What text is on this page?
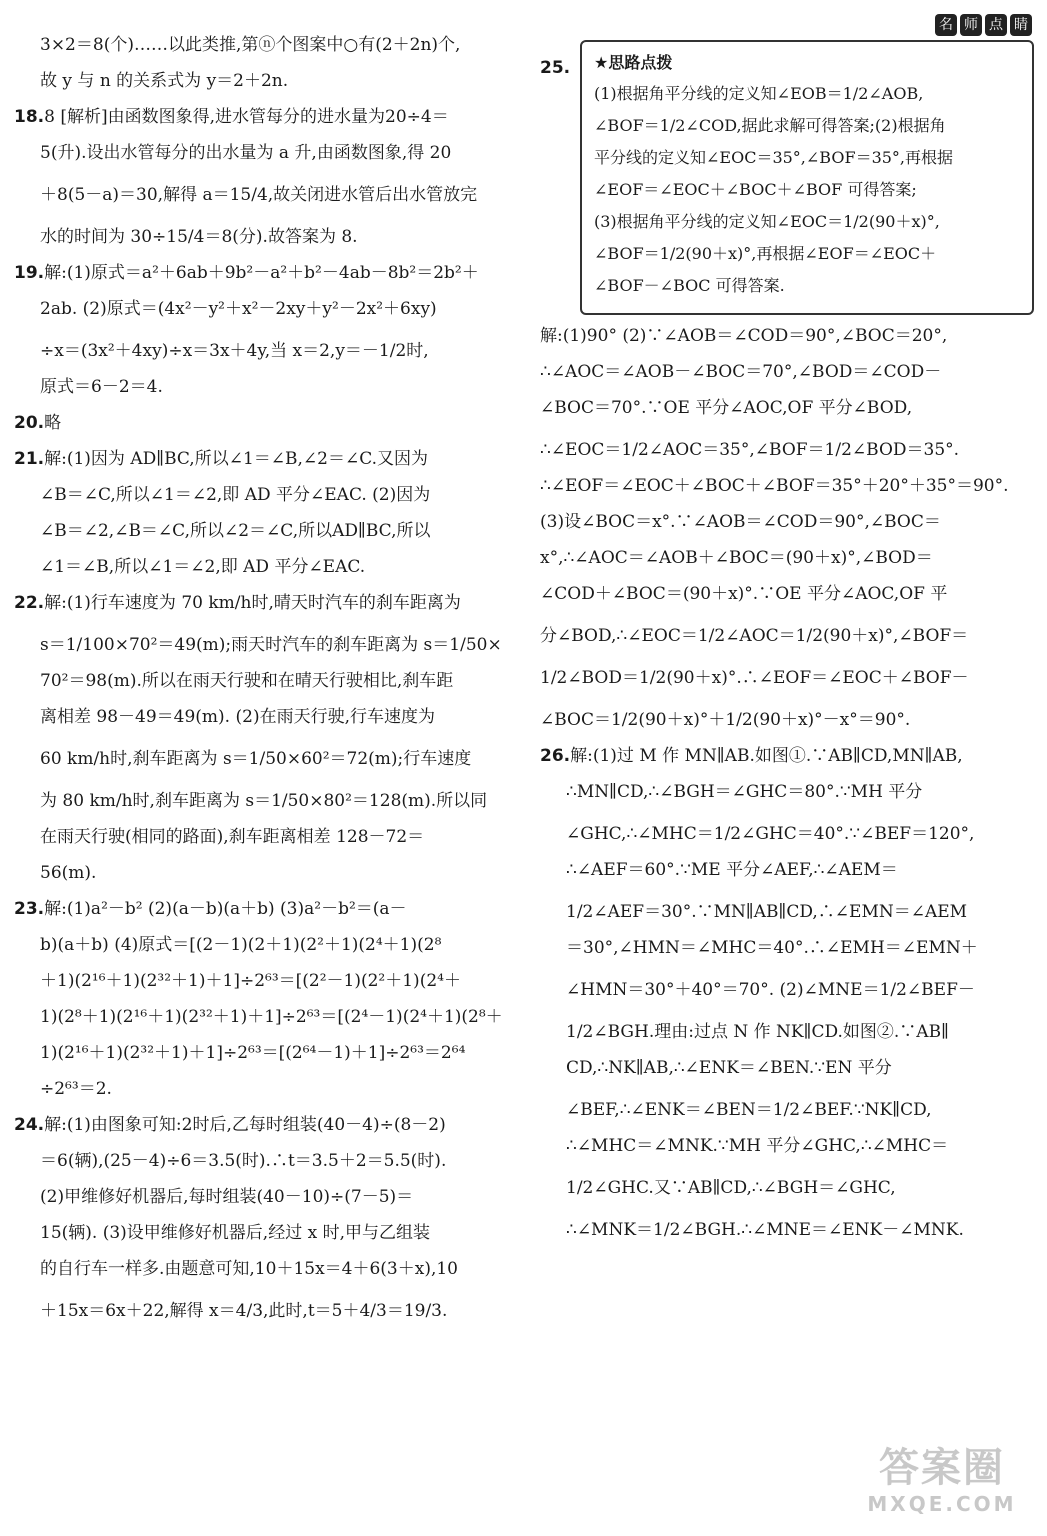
3×2＝8(个)……以此类推,第ⓝ个图案中○有(2＋2n)个,
故 y 与 n 的关系式为 y＝2＋2n.
18.8 [解析]由函数图象得,进水管每分的进水量为20÷4＝
5(升).设出水管每分的出水量为 a 升,由函数图象,得 20
＋8(5－a)＝30,解得 a＝15/4,故关闭进水管后出水管放完
水的时间为 30÷15/4＝8(分).故答案为 8.
19.解:(1)原式＝a²＋6ab＋9b²－a²＋b²－4ab－8b²＝2b²＋
2ab. (2)原式＝(4x²－y²＋x²－2xy＋y²－2x²＋6xy)
÷x＝(3x²＋4xy)÷x＝3x＋4y,当 x＝2,y＝－1/2时,
原式＝6－2＝4.
20.略
21.解:(1)因为 AD∥BC,所以∠1＝∠B,∠2＝∠C.又因为
∠B＝∠C,所以∠1＝∠2,即 AD 平分∠EAC. (2)因为
∠B＝∠2,∠B＝∠C,所以∠2＝∠C,所以AD∥BC,所以
∠1＝∠B,所以∠1＝∠2,即 AD 平分∠EAC.
22.解:(1)行车速度为 70 km/h时,晴天时汽车的刹车距离为
s＝1/100×70²＝49(m);雨天时汽车的刹车距离为 s＝1/50×
70²＝98(m).所以在雨天行驶和在晴天行驶相比,刹车距
离相差 98－49＝49(m). (2)在雨天行驶,行车速度为
60 km/h时,刹车距离为 s＝1/50×60²＝72(m);行车速度
为 80 km/h时,刹车距离为 s＝1/50×80²＝128(m).所以同
在雨天行驶(相同的路面),刹车距离相差 128－72＝
56(m).
23.解:(1)a²－b² (2)(a－b)(a＋b) (3)a²－b²＝(a－
b)(a＋b) (4)原式＝[(2－1)(2＋1)(2²＋1)(2⁴＋1)(2⁸
＋1)(2¹⁶＋1)(2³²＋1)＋1]÷2⁶³＝[(2²－1)(2²＋1)(2⁴＋
1)(2⁸＋1)(2¹⁶＋1)(2³²＋1)＋1]÷2⁶³＝[(2⁴－1)(2⁴＋1)(2⁸＋
1)(2¹⁶＋1)(2³²＋1)＋1]÷2⁶³＝[(2⁶⁴－1)＋1]÷2⁶³＝2⁶⁴
÷2⁶³＝2.
24.解:(1)由图象可知:2时后,乙每时组装(40－4)÷(8－2)
＝6(辆),(25－4)÷6＝3.5(时).∴t＝3.5＋2＝5.5(时).
(2)甲维修好机器后,每时组装(40－10)÷(7－5)＝
15(辆). (3)设甲维修好机器后,经过 x 时,甲与乙组装
的自行车一样多.由题意可知,10＋15x＝4＋6(3＋x),10
＋15x＝6x＋22,解得 x＝4/3,此时,t＝5＋4/3＝19/3.
25.
名 师 点 睛
★思路点拨
(1)根据角平分线的定义知∠EOB＝1/2∠AOB,
∠BOF＝1/2∠COD,据此求解可得答案;(2)根据角
平分线的定义知∠EOC＝35°,∠BOF＝35°,再根据
∠EOF＝∠EOC＋∠BOC＋∠BOF 可得答案;
(3)根据角平分线的定义知∠EOC＝1/2(90＋x)°,
∠BOF＝1/2(90＋x)°,再根据∠EOF＝∠EOC＋
∠BOF－∠BOC 可得答案.
解:(1)90° (2)∵∠AOB＝∠COD＝90°,∠BOC＝20°,
∴∠AOC＝∠AOB－∠BOC＝70°,∠BOD＝∠COD－
∠BOC＝70°.∵OE 平分∠AOC,OF 平分∠BOD,
∴∠EOC＝1/2∠AOC＝35°,∠BOF＝1/2∠BOD＝35°.
∴∠EOF＝∠EOC＋∠BOC＋∠BOF＝35°＋20°＋35°＝90°.
(3)设∠BOC＝x°.∵∠AOB＝∠COD＝90°,∠BOC＝
x°,∴∠AOC＝∠AOB＋∠BOC＝(90＋x)°,∠BOD＝
∠COD＋∠BOC＝(90＋x)°.∵OE 平分∠AOC,OF 平
分∠BOD,∴∠EOC＝1/2∠AOC＝1/2(90＋x)°,∠BOF＝
1/2∠BOD＝1/2(90＋x)°.∴∠EOF＝∠EOC＋∠BOF－
∠BOC＝1/2(90＋x)°＋1/2(90＋x)°－x°＝90°.
26.解:(1)过 M 作 MN∥AB.如图①.∵AB∥CD,MN∥AB,
∴MN∥CD,∴∠BGH＝∠GHC＝80°.∵MH 平分
∠GHC,∴∠MHC＝1/2∠GHC＝40°.∵∠BEF＝120°,
∴∠AEF＝60°.∵ME 平分∠AEF,∴∠AEM＝
1/2∠AEF＝30°.∵MN∥AB∥CD,∴∠EMN＝∠AEM
＝30°,∠HMN＝∠MHC＝40°.∴∠EMH＝∠EMN＋
∠HMN＝30°＋40°＝70°. (2)∠MNE＝1/2∠BEF－
1/2∠BGH.理由:过点 N 作 NK∥CD.如图②.∵AB∥
CD,∴NK∥AB,∴∠ENK＝∠BEN.∵EN 平分
∠BEF,∴∠ENK＝∠BEN＝1/2∠BEF.∵NK∥CD,
∴∠MHC＝∠MNK.∵MH 平分∠GHC,∴∠MHC＝
1/2∠GHC.又∵AB∥CD,∴∠BGH＝∠GHC,
∴∠MNK＝1/2∠BGH.∴∠MNE＝∠ENK－∠MNK.
答案圈
MXQE.COM
